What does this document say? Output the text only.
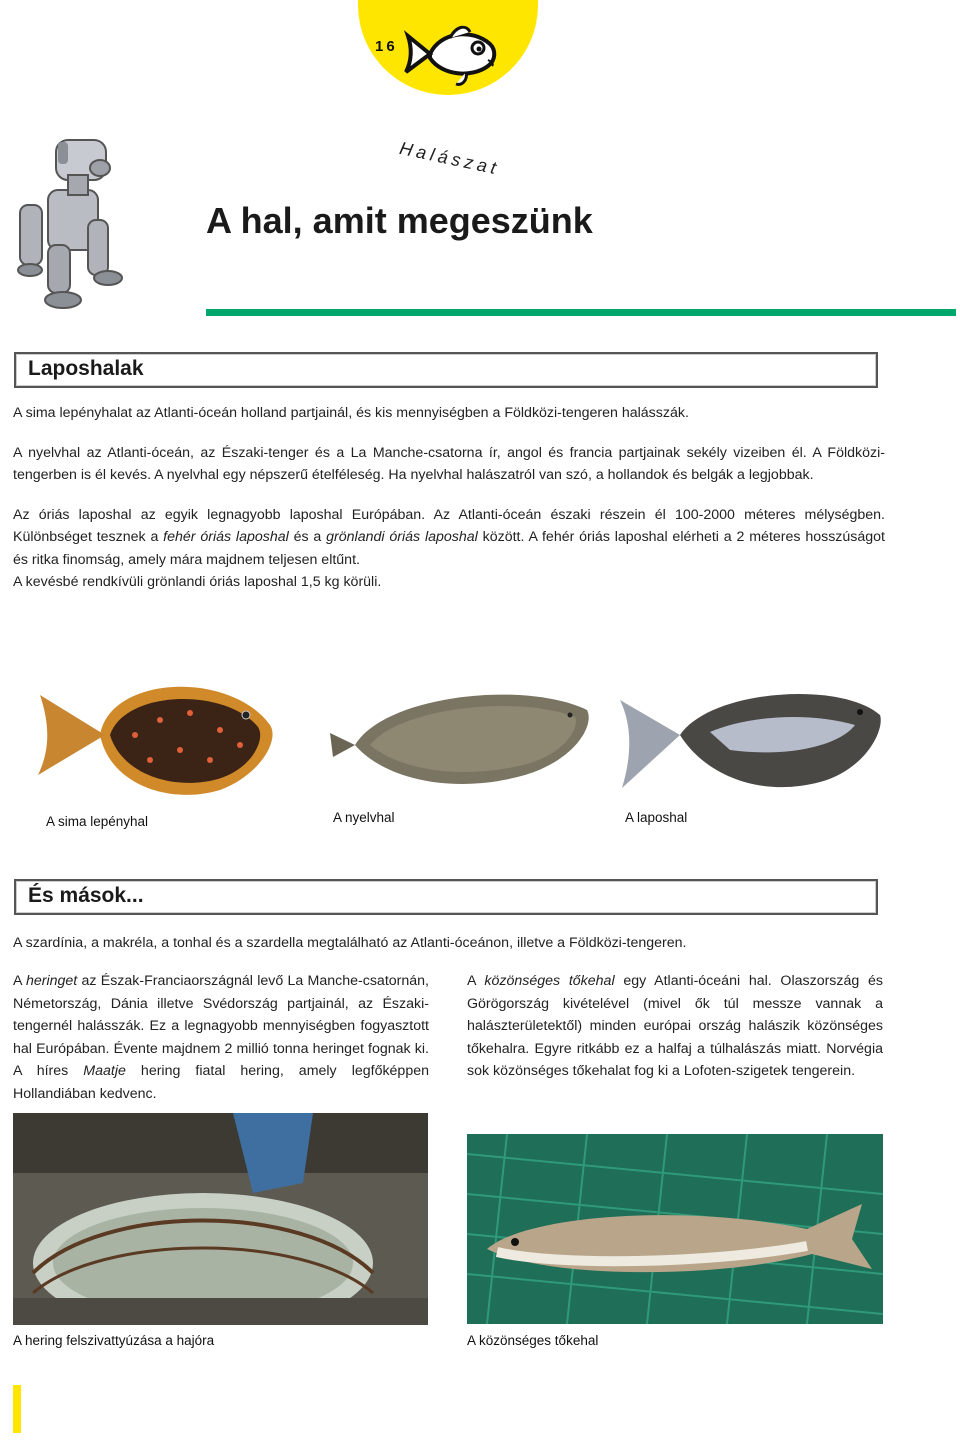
16
Halászat
A hal, amit megeszünk
Laposhalak

A sima lepényhalat az Atlanti-óceán holland partjainál, és kis mennyiségben a Földközi-tengeren halásszák.

A nyelvhal az Atlanti-óceán, az Északi-tenger és a La Manche-csatorna ír, angol és francia partjainak sekély vizeiben él. A Földközi-tengerben is él kevés. A nyelvhal egy népszerű ételféleség. Ha nyelvhal halászatról van szó, a hollandok és belgák a legjobbak.

Az óriás laposhal az egyik legnagyobb laposhal Európában. Az Atlanti-óceán északi részein él 100-2000 méteres mélységben. Különbséget tesznek a fehér óriás laposhal és a grönlandi óriás laposhal között. A fehér óriás laposhal elérheti a 2 méteres hosszúságot és ritka finomság, amely mára majdnem teljesen eltűnt.

A kevésbé rendkívüli grönlandi óriás laposhal 1,5 kg körüli.

A sima lepényhal	A nyelvhal	A laposhal
És mások...
A szardínia, a makréla, a tonhal és a szardella megtalálható az Atlanti-óceánon, illetve a Földközi-tengeren.

A heringet az Észak-Franciaországnál levő La Manche-csatornán, Németország, Dánia illetve Svédország partjainál, az Északi-tengernél halásszák. Ez a legnagyobb mennyiségben fogyasztott hal Európában. Évente majdnem 2 millió tonna heringet fognak ki. A híres Maatje hering fiatal hering, amely legfőképpen Hollandiában kedvenc.

A közönséges tőkehal egy Atlanti-óceáni hal. Olaszország és Görögország kivételével (mivel ők túl messze vannak a halászterületektől) minden európai ország halászik közönséges tőkehalra. Egyre ritkább ez a halfaj a túlhalászás miatt. Norvégia sok közönséges tőkehalat fog ki a Lofoten-szigetek tengerein.

A hering felszivattyúzása a hajóra	A közönséges tőkehal
